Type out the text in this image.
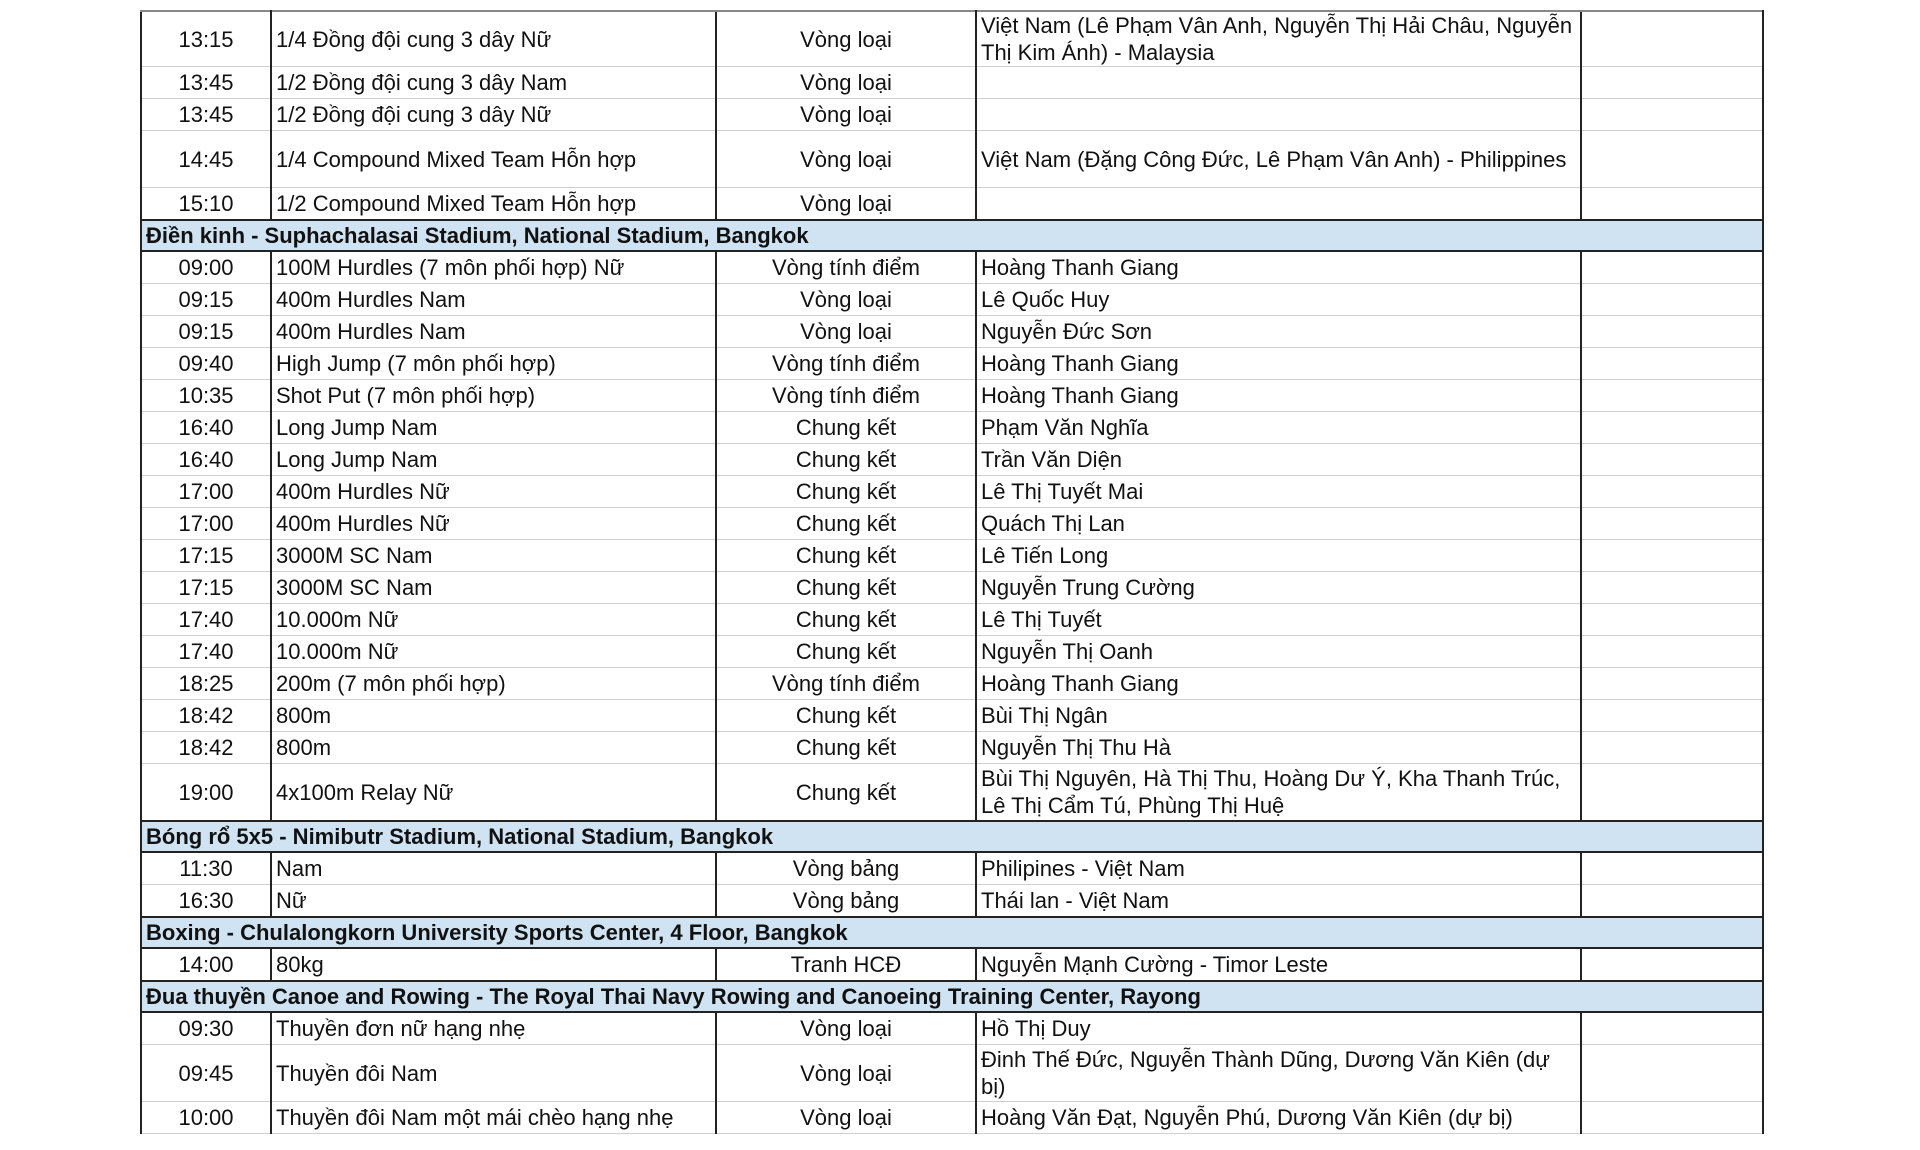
13:15	1/4 Đồng đội cung 3 dây Nữ	Vòng loại	Việt Nam (Lê Phạm Vân Anh, Nguyễn Thị Hải Châu, Nguyễn Thị Kim Ánh) - Malaysia	
13:45	1/2 Đồng đội cung 3 dây Nam	Vòng loại		
13:45	1/2 Đồng đội cung 3 dây Nữ	Vòng loại		
14:45	1/4 Compound Mixed Team Hỗn hợp	Vòng loại	Việt Nam (Đặng Công Đức, Lê Phạm Vân Anh) - Philippines	
15:10	1/2 Compound Mixed Team Hỗn hợp	Vòng loại		
Điền kinh - Suphachalasai Stadium, National Stadium, Bangkok				
09:00	100M Hurdles (7 môn phối hợp) Nữ	Vòng tính điểm	Hoàng Thanh Giang	
09:15	400m Hurdles Nam	Vòng loại	Lê Quốc Huy	
09:15	400m Hurdles Nam	Vòng loại	Nguyễn Đức Sơn	
09:40	High Jump (7 môn phối hợp)	Vòng tính điểm	Hoàng Thanh Giang	
10:35	Shot Put (7 môn phối hợp)	Vòng tính điểm	Hoàng Thanh Giang	
16:40	Long Jump Nam	Chung kết	Phạm Văn Nghĩa	
16:40	Long Jump Nam	Chung kết	Trần Văn Diện	
17:00	400m Hurdles Nữ	Chung kết	Lê Thị Tuyết Mai	
17:00	400m Hurdles Nữ	Chung kết	Quách Thị Lan	
17:15	3000M SC Nam	Chung kết	Lê Tiến Long	
17:15	3000M SC Nam	Chung kết	Nguyễn Trung Cường	
17:40	10.000m Nữ	Chung kết	Lê Thị Tuyết	
17:40	10.000m Nữ	Chung kết	Nguyễn Thị Oanh	
18:25	200m (7 môn phối hợp)	Vòng tính điểm	Hoàng Thanh Giang	
18:42	800m	Chung kết	Bùi Thị Ngân	
18:42	800m	Chung kết	Nguyễn Thị Thu Hà	
19:00	4x100m Relay Nữ	Chung kết	Bùi Thị Nguyên, Hà Thị Thu, Hoàng Dư Ý, Kha Thanh Trúc, Lê Thị Cẩm Tú, Phùng Thị Huệ	
Bóng rổ 5x5 - Nimibutr Stadium, National Stadium, Bangkok				
11:30	Nam	Vòng bảng	Philipines - Việt Nam	
16:30	Nữ	Vòng bảng	Thái lan - Việt Nam	
Boxing - Chulalongkorn University Sports Center, 4 Floor, Bangkok				
14:00	80kg	Tranh HCĐ	Nguyễn Mạnh Cường - Timor Leste	
Đua thuyền Canoe and Rowing - The Royal Thai Navy Rowing and Canoeing Training Center, Rayong				
09:30	Thuyền đơn nữ hạng nhẹ	Vòng loại	Hồ Thị Duy	
09:45	Thuyền đôi Nam	Vòng loại	Đinh Thế Đức, Nguyễn Thành Dũng, Dương Văn Kiên (dự bị)	
10:00	Thuyền đôi Nam một mái chèo hạng nhẹ	Vòng loại	Hoàng Văn Đạt, Nguyễn Phú, Dương Văn Kiên (dự bị)	
